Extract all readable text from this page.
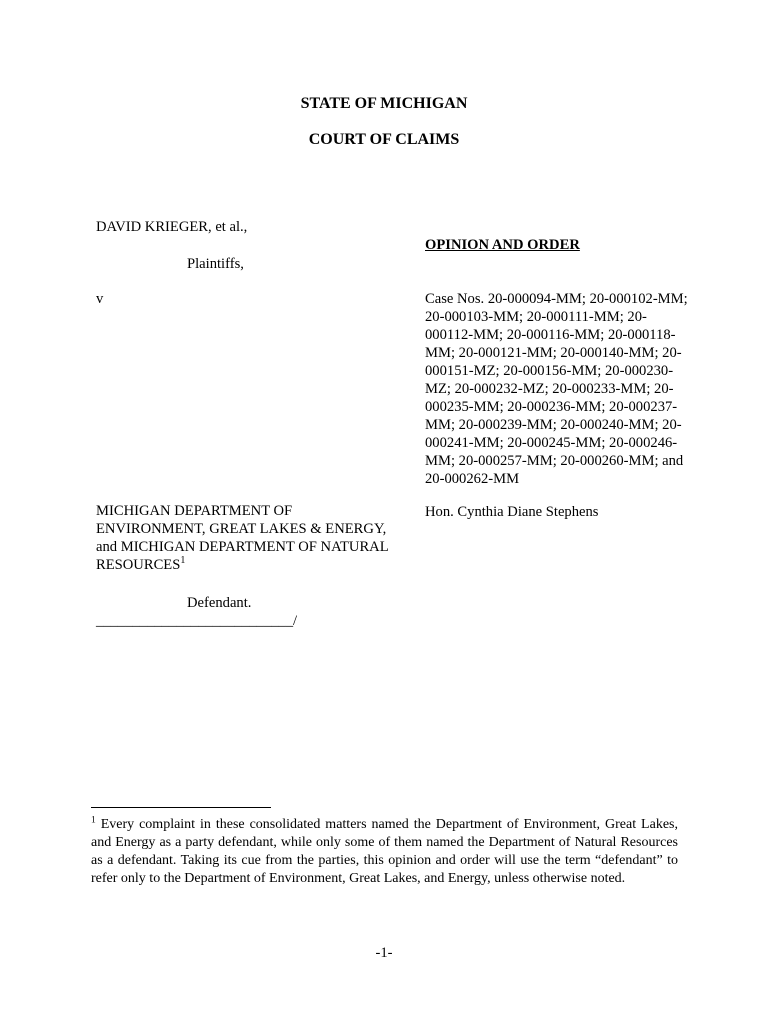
STATE OF MICHIGAN
COURT OF CLAIMS
DAVID KRIEGER, et al.,
Plaintiffs,
v
MICHIGAN DEPARTMENT OF
ENVIRONMENT, GREAT LAKES & ENERGY,
and MICHIGAN DEPARTMENT OF NATURAL
RESOURCES$^1$
Defendant.
___________________________/
OPINION AND ORDER
Case Nos. 20-000094-MM; 20-000102-MM;
20-000103-MM; 20-000111-MM; 20-
000112-MM; 20-000116-MM; 20-000118-
MM; 20-000121-MM; 20-000140-MM; 20-
000151-MZ; 20-000156-MM; 20-000230-
MZ; 20-000232-MZ; 20-000233-MM; 20-
000235-MM; 20-000236-MM; 20-000237-
MM; 20-000239-MM; 20-000240-MM; 20-
000241-MM; 20-000245-MM; 20-000246-
MM; 20-000257-MM; 20-000260-MM; and
20-000262-MM
Hon. Cynthia Diane Stephens
$^1$ Every complaint in these consolidated matters named the Department of Environment, Great Lakes, and Energy as a party defendant, while only some of them named the Department of Natural Resources as a defendant. Taking its cue from the parties, this opinion and order will use the term “defendant” to refer only to the Department of Environment, Great Lakes, and Energy, unless otherwise noted.
-1-
